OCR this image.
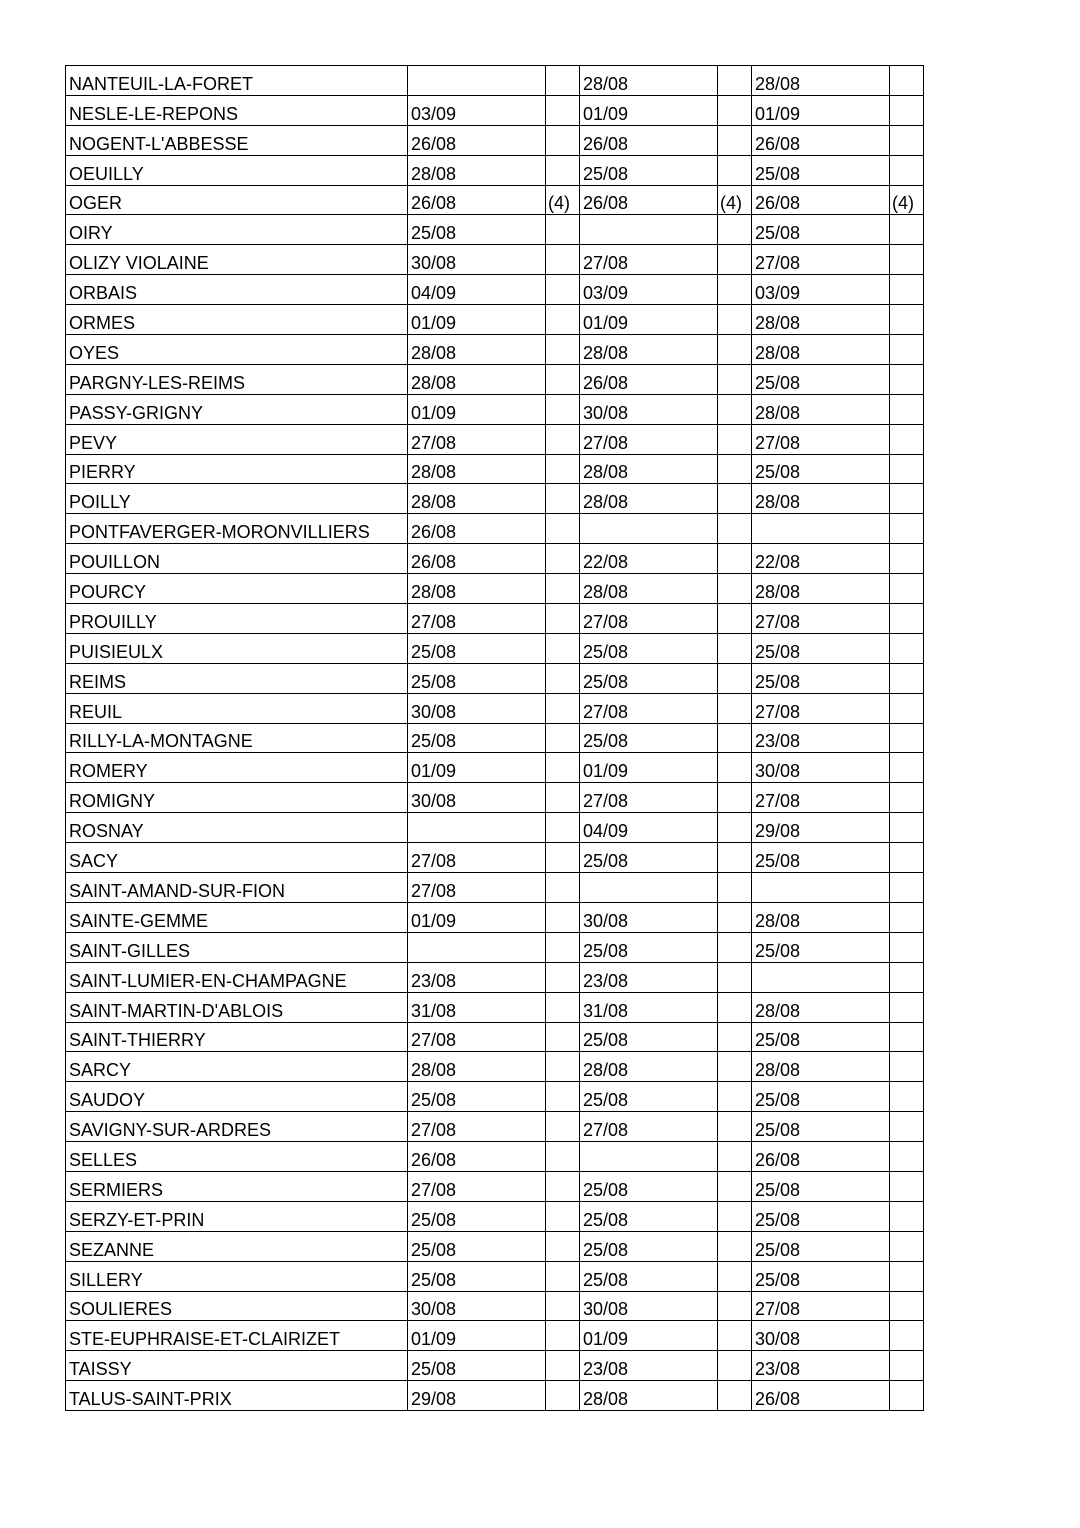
NANTEUIL-LA-FORET			28/08		28/08	
NESLE-LE-REPONS	03/09		01/09		01/09	
NOGENT-L'ABBESSE	26/08		26/08		26/08	
OEUILLY	28/08		25/08		25/08	
OGER	26/08	(4)	26/08	(4)	26/08	(4)
OIRY	25/08				25/08	
OLIZY VIOLAINE	30/08		27/08		27/08	
ORBAIS	04/09		03/09		03/09	
ORMES	01/09		01/09		28/08	
OYES	28/08		28/08		28/08	
PARGNY-LES-REIMS	28/08		26/08		25/08	
PASSY-GRIGNY	01/09		30/08		28/08	
PEVY	27/08		27/08		27/08	
PIERRY	28/08		28/08		25/08	
POILLY	28/08		28/08		28/08	
PONTFAVERGER-MORONVILLIERS	26/08					
POUILLON	26/08		22/08		22/08	
POURCY	28/08		28/08		28/08	
PROUILLY	27/08		27/08		27/08	
PUISIEULX	25/08		25/08		25/08	
REIMS	25/08		25/08		25/08	
REUIL	30/08		27/08		27/08	
RILLY-LA-MONTAGNE	25/08		25/08		23/08	
ROMERY	01/09		01/09		30/08	
ROMIGNY	30/08		27/08		27/08	
ROSNAY			04/09		29/08	
SACY	27/08		25/08		25/08	
SAINT-AMAND-SUR-FION	27/08					
SAINTE-GEMME	01/09		30/08		28/08	
SAINT-GILLES			25/08		25/08	
SAINT-LUMIER-EN-CHAMPAGNE	23/08		23/08			
SAINT-MARTIN-D'ABLOIS	31/08		31/08		28/08	
SAINT-THIERRY	27/08		25/08		25/08	
SARCY	28/08		28/08		28/08	
SAUDOY	25/08		25/08		25/08	
SAVIGNY-SUR-ARDRES	27/08		27/08		25/08	
SELLES	26/08				26/08	
SERMIERS	27/08		25/08		25/08	
SERZY-ET-PRIN	25/08		25/08		25/08	
SEZANNE	25/08		25/08		25/08	
SILLERY	25/08		25/08		25/08	
SOULIERES	30/08		30/08		27/08	
STE-EUPHRAISE-ET-CLAIRIZET	01/09		01/09		30/08	
TAISSY	25/08		23/08		23/08	
TALUS-SAINT-PRIX	29/08		28/08		26/08	
